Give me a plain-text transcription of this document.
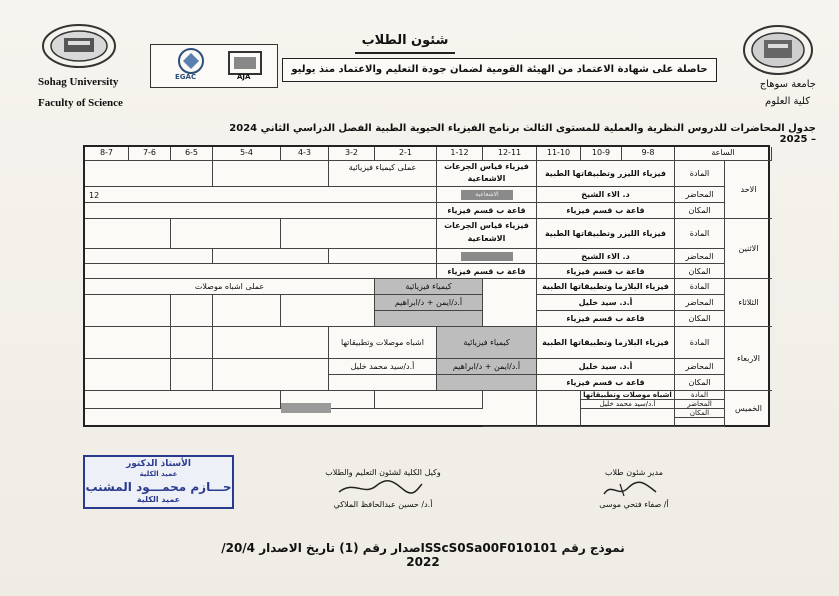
Sohag University
Faculty of Science
EGAC	AJA
شئون الطلاب
حاصلة على شهادة الاعتماد من الهيئة القومية لضمان جودة التعليم والاعتماد منذ يوليو
جامعة سوهاج
كلية العلوم
جدول المحاضرات للدروس النظرية والعملية للمستوى الثالث برنامج الفيزياء الحيوية الطبية الفصل الدراسي الثاني 2024 – 2025
الساعة
9-8
10-9
11-10
12-11
1-12
2-1
3-2
4-3
5-4
6-5
7-6
8-7
الاحد
المادة
المحاضر
المكان
فيزياء الليزر وتطبيقاتها الطبية
د. الاء الشيخ
قاعة ب قسم فيزياء
فيزياء قياس الجرعات الاشعاعية
الاشعاعية
قاعة ب قسم فيزياء
عملى كيمياء فيزيائية
12
الاثنين
المادة
المحاضر
المكان
فيزياء الليزر وتطبيقاتها الطبية
د. الاء الشيخ
قاعة ب قسم فيزياء
فيزياء قياس الجرعات الاشعاعية
قاعة ب قسم فيزياء
الثلاثاء
المادة
المحاضر
المكان
فيزياء البلازما وتطبيقاتها الطبية
أ.د. سيد خليل
قاعة ب قسم فيزياء
كيمياء فيزيائية
أ.د/ايمن + د/ابراهيم
عملى اشباه موصلات
الاربعاء
المادة
المحاضر
المكان
فيزياء البلازما وتطبيقاتها الطبية
أ.د. سيد خليل
قاعة ب قسم فيزياء
كيمياء فيزيائية
أ.د/ايمن + د/ابراهيم
اشباه موصلات وتطبيقاتها
أ.د/سيد محمد خليل
الخميس
المادة
المحاضر
المكان
اشباه موصلات وتطبيقاتها
أ.د/سيد محمد خليل
الأستاذ الدكتور
عميد الكلية
حـــازم محمـــود المشنب
عميد الكلية
وكيل الكلية لشئون التعليم والطلاب
أ.د/ حسين عبدالحافظ الملاكي
مدير شئون طلاب
أ/ صفاء فتحي موسى
نموذج رقم SScS0Sa00F010101اصدار رقم (1) تاريخ الاصدار 20/4/ 2022
